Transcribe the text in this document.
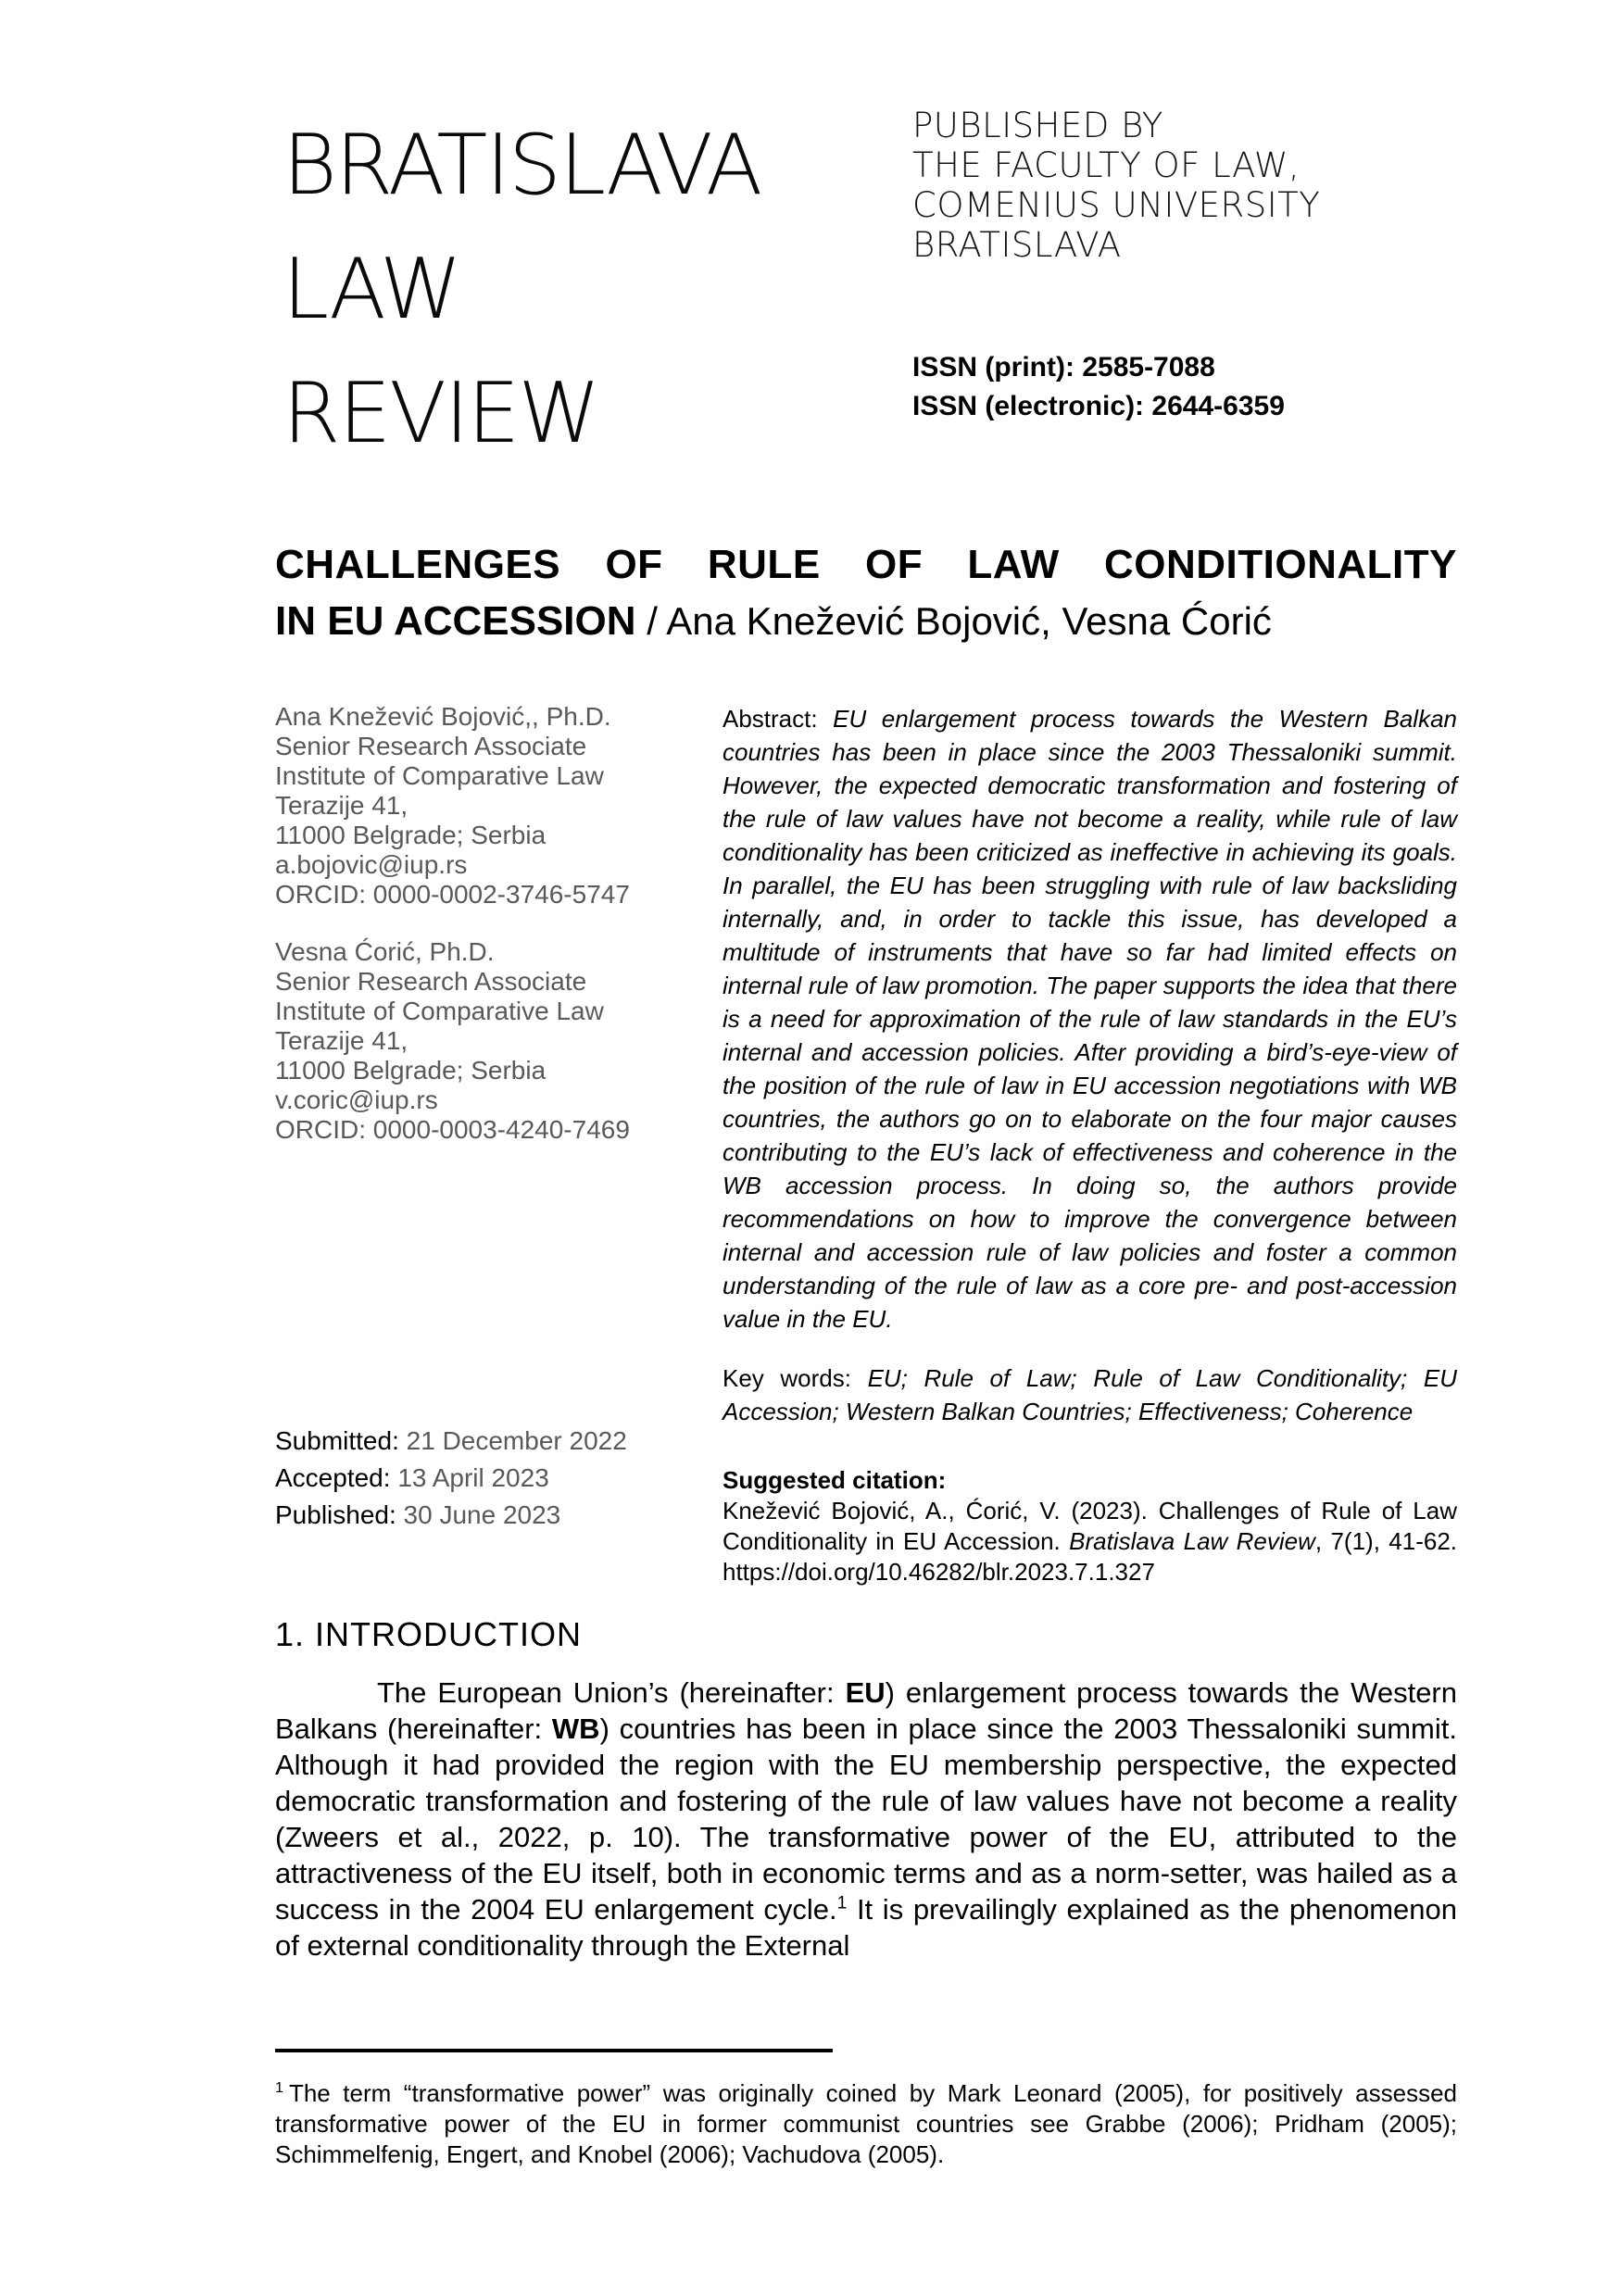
BRATISLAVA
LAW
REVIEW
PUBLISHED BY
THE FACULTY OF LAW,
COMENIUS UNIVERSITY
BRATISLAVA
ISSN (print): 2585-7088
ISSN (electronic): 2644-6359
CHALLENGES OF RULE OF LAW CONDITIONALITY
IN EU ACCESSION / Ana Knežević Bojović, Vesna Ćorić
Ana Knežević Bojović,, Ph.D.
Senior Research Associate
Institute of Comparative Law
Terazije 41,
11000 Belgrade; Serbia
a.bojovic@iup.rs
ORCID: 0000-0002-3746-5747
Vesna Ćorić, Ph.D.
Senior Research Associate
Institute of Comparative Law
Terazije 41,
11000 Belgrade; Serbia
v.coric@iup.rs
ORCID: 0000-0003-4240-7469
Submitted: 21 December 2022
Accepted: 13 April 2023
Published: 30 June 2023
Abstract: EU enlargement process towards the Western Balkan countries has been in place since the 2003 Thessaloniki summit. However, the expected democratic transformation and fostering of the rule of law values have not become a reality, while rule of law conditionality has been criticized as ineffective in achieving its goals. In parallel, the EU has been struggling with rule of law backsliding internally, and, in order to tackle this issue, has developed a multitude of instruments that have so far had limited effects on internal rule of law promotion. The paper supports the idea that there is a need for approximation of the rule of law standards in the EU’s internal and accession policies. After providing a bird’s-eye-view of the position of the rule of law in EU accession negotiations with WB countries, the authors go on to elaborate on the four major causes contributing to the EU’s lack of effectiveness and coherence in the WB accession process. In doing so, the authors provide recommendations on how to improve the convergence between internal and accession rule of law policies and foster a common understanding of the rule of law as a core pre- and post-accession value in the EU.
Key words: EU; Rule of Law; Rule of Law Conditionality; EU Accession; Western Balkan Countries; Effectiveness; Coherence
Suggested citation:
Knežević Bojović, A., Ćorić, V. (2023). Challenges of Rule of Law Conditionality in EU Accession. Bratislava Law Review, 7(1), 41-62. https://doi.org/10.46282/blr.2023.7.1.327
1. INTRODUCTION
The European Union’s (hereinafter: EU) enlargement process towards the Western Balkans (hereinafter: WB) countries has been in place since the 2003 Thessaloniki summit. Although it had provided the region with the EU membership perspective, the expected democratic transformation and fostering of the rule of law values have not become a reality (Zweers et al., 2022, p. 10). The transformative power of the EU, attributed to the attractiveness of the EU itself, both in economic terms and as a norm-setter, was hailed as a success in the 2004 EU enlargement cycle.$^1$ It is prevailingly explained as the phenomenon of external conditionality through the External
$^1$ The term “transformative power” was originally coined by Mark Leonard (2005), for positively assessed transformative power of the EU in former communist countries see Grabbe (2006); Pridham (2005); Schimmelfenig, Engert, and Knobel (2006); Vachudova (2005).
